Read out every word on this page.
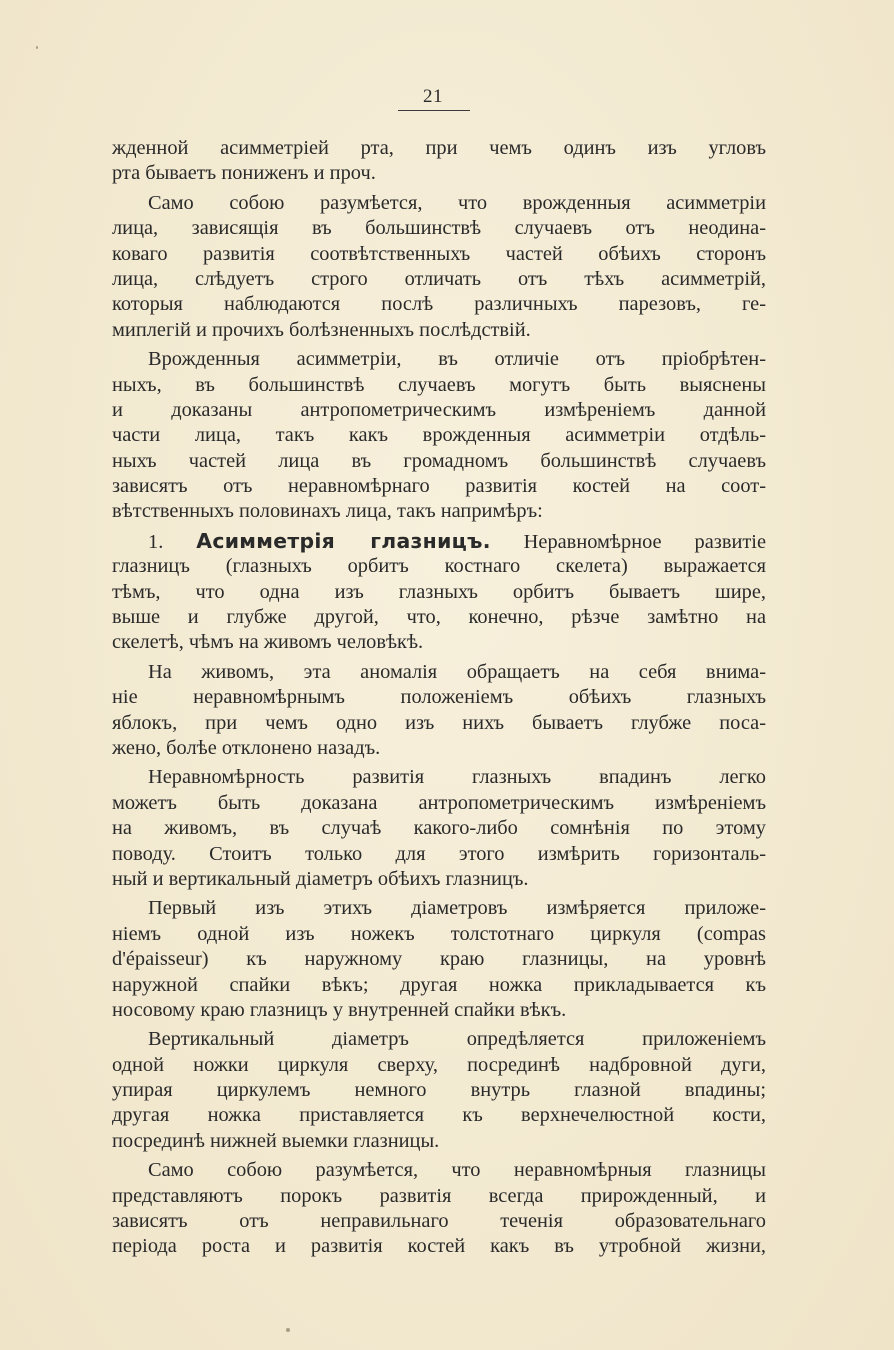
21
жденной асимметріей рта, при чемъ одинъ изъ угловъ
рта бываетъ пониженъ и проч.
Само собою разумѣется, что врожденныя асимметріи
лица, зависящія въ большинствѣ случаевъ отъ неодина-
коваго развитія соотвѣтственныхъ частей обѣихъ сторонъ
лица, слѣдуетъ строго отличать отъ тѣхъ асимметрій,
которыя наблюдаются послѣ различныхъ парезовъ, ге-
миплегій и прочихъ болѣзненныхъ послѣдствій.
Врожденныя асимметріи, въ отличіе отъ пріобрѣтен-
ныхъ, въ большинствѣ случаевъ могутъ быть выяснены
и доказаны антропометрическимъ измѣреніемъ данной
части лица, такъ какъ врожденныя асимметріи отдѣль-
ныхъ частей лица въ громадномъ большинствѣ случаевъ
зависятъ отъ неравномѣрнаго развитія костей на соот-
вѣтственныхъ половинахъ лица, такъ напримѣръ:
1. Асимметрія глазницъ. Неравномѣрное развитіе
глазницъ (глазныхъ орбитъ костнаго скелета) выражается
тѣмъ, что одна изъ глазныхъ орбитъ бываетъ шире,
выше и глубже другой, что, конечно, рѣзче замѣтно на
скелетѣ, чѣмъ на живомъ человѣкѣ.
На живомъ, эта аномалія обращаетъ на себя внима-
ніе неравномѣрнымъ положеніемъ обѣихъ глазныхъ
яблокъ, при чемъ одно изъ нихъ бываетъ глубже поса-
жено, болѣе отклонено назадъ.
Неравномѣрность развитія глазныхъ впадинъ легко
можетъ быть доказана антропометрическимъ измѣреніемъ
на живомъ, въ случаѣ какого-либо сомнѣнія по этому
поводу. Стоитъ только для этого измѣрить горизонталь-
ный и вертикальный діаметръ обѣихъ глазницъ.
Первый изъ этихъ діаметровъ измѣряется приложе-
ніемъ одной изъ ножекъ толстотнаго циркуля (compas
d'épaisseur) къ наружному краю глазницы, на уровнѣ
наружной спайки вѣкъ; другая ножка прикладывается къ
носовому краю глазницъ у внутренней спайки вѣкъ.
Вертикальный діаметръ опредѣляется приложеніемъ
одной ножки циркуля сверху, посрединѣ надбровной дуги,
упирая циркулемъ немного внутрь глазной впадины;
другая ножка приставляется къ верхнечелюстной кости,
посрединѣ нижней выемки глазницы.
Само собою разумѣется, что неравномѣрныя глазницы
представляютъ порокъ развитія всегда прирожденный, и
зависятъ отъ неправильнаго теченія образовательнаго
періода роста и развитія костей какъ въ утробной жизни,
